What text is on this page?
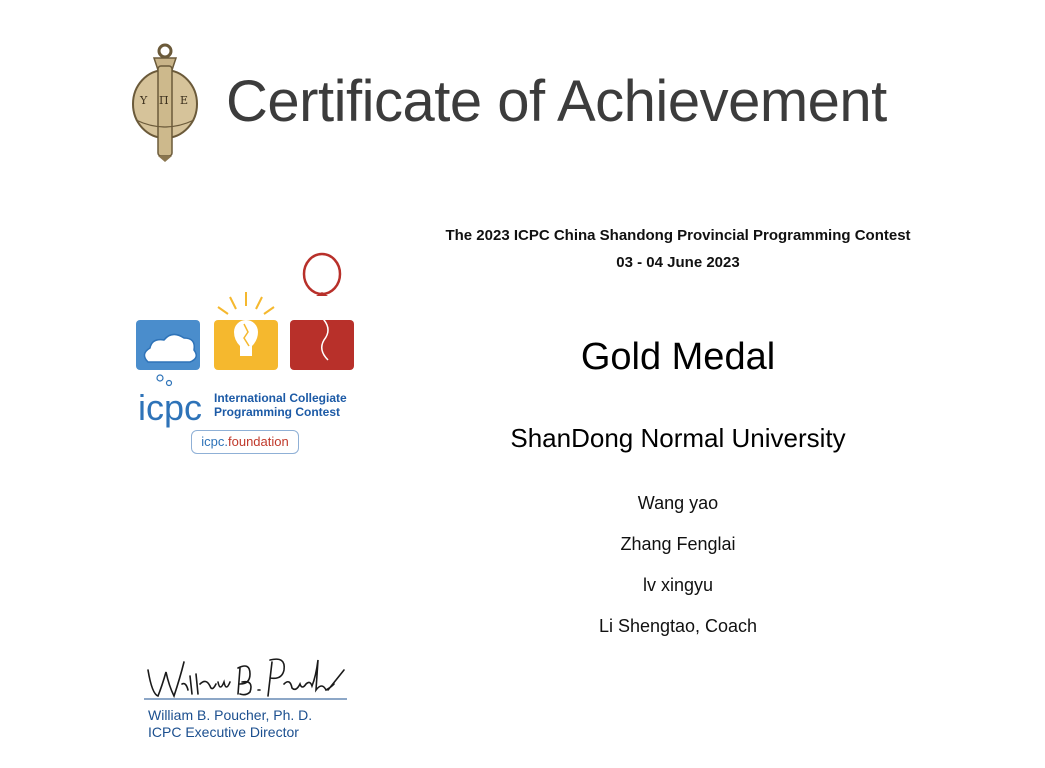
Υ Π Ε Certificate of Achievement
icpc International Collegiate
Programming Contest
icpc.foundation
The 2023 ICPC China Shandong Provincial Programming Contest
03 - 04 June 2023
Gold Medal
ShanDong Normal University
Wang yao
Zhang Fenglai
lv xingyu
Li Shengtao, Coach
William B. Poucher, Ph. D.
ICPC Executive Director
